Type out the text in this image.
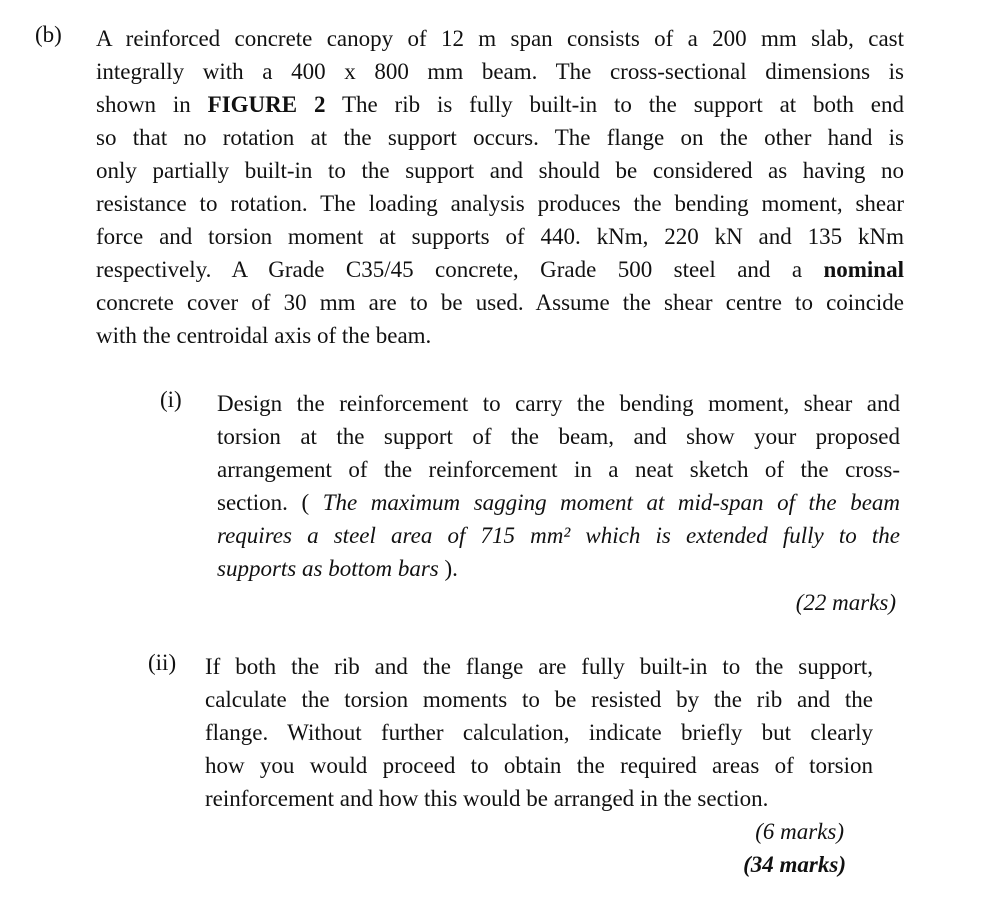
(b) A reinforced concrete canopy of 12 m span consists of a 200 mm slab, cast
integrally with a 400 x 800 mm beam. The cross-sectional dimensions is
shown in FIGURE 2 The rib is fully built-in to the support at both end
so that no rotation at the support occurs. The flange on the other hand is
only partially built-in to the support and should be considered as having no
resistance to rotation. The loading analysis produces the bending moment, shear
force and torsion moment at supports of 440. kNm, 220 kN and 135 kNm
respectively. A Grade C35/45 concrete, Grade 500 steel and a nominal
concrete cover of 30 mm are to be used. Assume the shear centre to coincide
with the centroidal axis of the beam.
(i) Design the reinforcement to carry the bending moment, shear and
torsion at the support of the beam, and show your proposed
arrangement of the reinforcement in a neat sketch of the cross-
section. ( The maximum sagging moment at mid-span of the beam
requires a steel area of 715 mm² which is extended fully to the
supports as bottom bars ).
(22 marks)
(ii) If both the rib and the flange are fully built-in to the support,
calculate the torsion moments to be resisted by the rib and the
flange. Without further calculation, indicate briefly but clearly
how you would proceed to obtain the required areas of torsion
reinforcement and how this would be arranged in the section.
(6 marks)
(34 marks)
